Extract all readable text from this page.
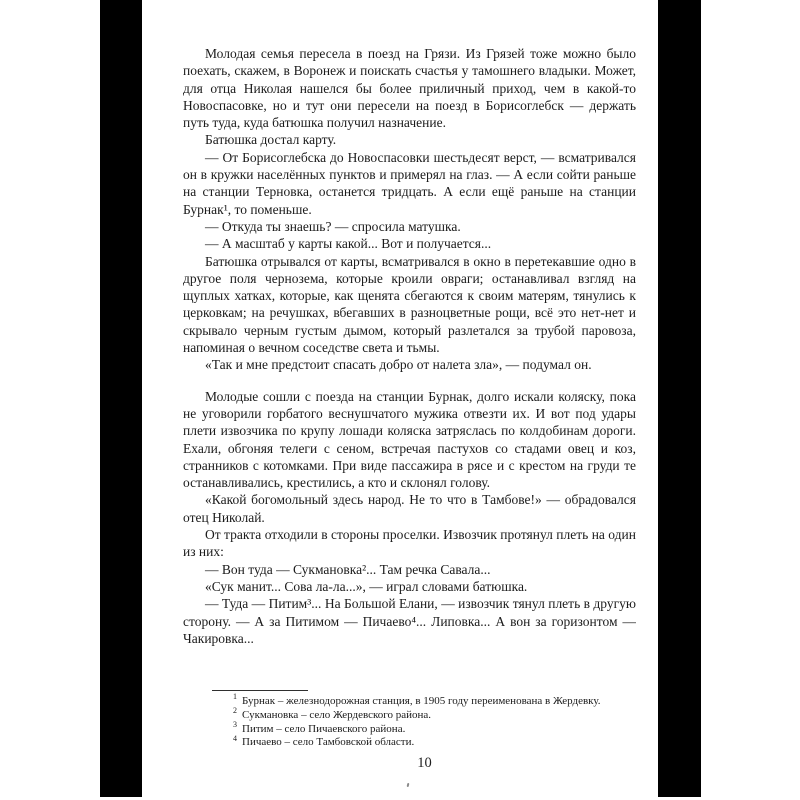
Молодая семья пересела в поезд на Грязи. Из Грязей тоже можно было поехать, скажем, в Воронеж и поискать счастья у тамошнего владыки. Может, для отца Николая нашелся бы более приличный приход, чем в какой-то Новоспасовке, но и тут они пересели на поезд в Борисоглебск — держать путь туда, куда батюшка получил назначение.

Батюшка достал карту.

— От Борисоглебска до Новоспасовки шестьдесят верст, — всматривался он в кружки населённых пунктов и примерял на глаз. — А если сойти раньше на станции Терновка, останется тридцать. А если ещё раньше на станции Бурнак¹, то поменьше.

— Откуда ты знаешь? — спросила матушка.

— А масштаб у карты какой... Вот и получается...

Батюшка отрывался от карты, всматривался в окно в перетекавшие одно в другое поля чернозема, которые кроили овраги; останавливал взгляд на щуплых хатках, которые, как щенята сбегаются к своим матерям, тянулись к церковкам; на речушках, вбегавших в разноцветные рощи, всё это нет-нет и скрывало черным густым дымом, который разлетался за трубой паровоза, напоминая о вечном соседстве света и тьмы.

«Так и мне предстоит спасать добро от налета зла», — подумал он.

Молодые сошли с поезда на станции Бурнак, долго искали коляску, пока не уговорили горбатого веснушчатого мужика отвезти их. И вот под удары плети извозчика по крупу лошади коляска затряслась по колдобинам дороги. Ехали, обгоняя телеги с сеном, встречая пастухов со стадами овец и коз, странников с котомками. При виде пассажира в рясе и с крестом на груди те останавливались, крестились, а кто и склонял голову.

«Какой богомольный здесь народ. Не то что в Тамбове!» — обрадовался отец Николай.

От тракта отходили в стороны проселки. Извозчик протянул плеть на один из них:

— Вон туда — Сукмановка²... Там речка Савала...

«Сук манит... Сова ла-ла...», — играл словами батюшка.

— Туда — Питим³... На Большой Елани, — извозчик тянул плеть в другую сторону. — А за Питимом — Пичаево⁴... Липовка... А вон за горизонтом — Чакировка...

$^1$ Бурнак – железнодорожная станция, в 1905 году переименована в Жердевку.

$^2$ Сукмановка – село Жердевского района.

$^3$ Питим – село Пичаевского района.

$^4$ Пичаево – село Тамбовской области.

10
